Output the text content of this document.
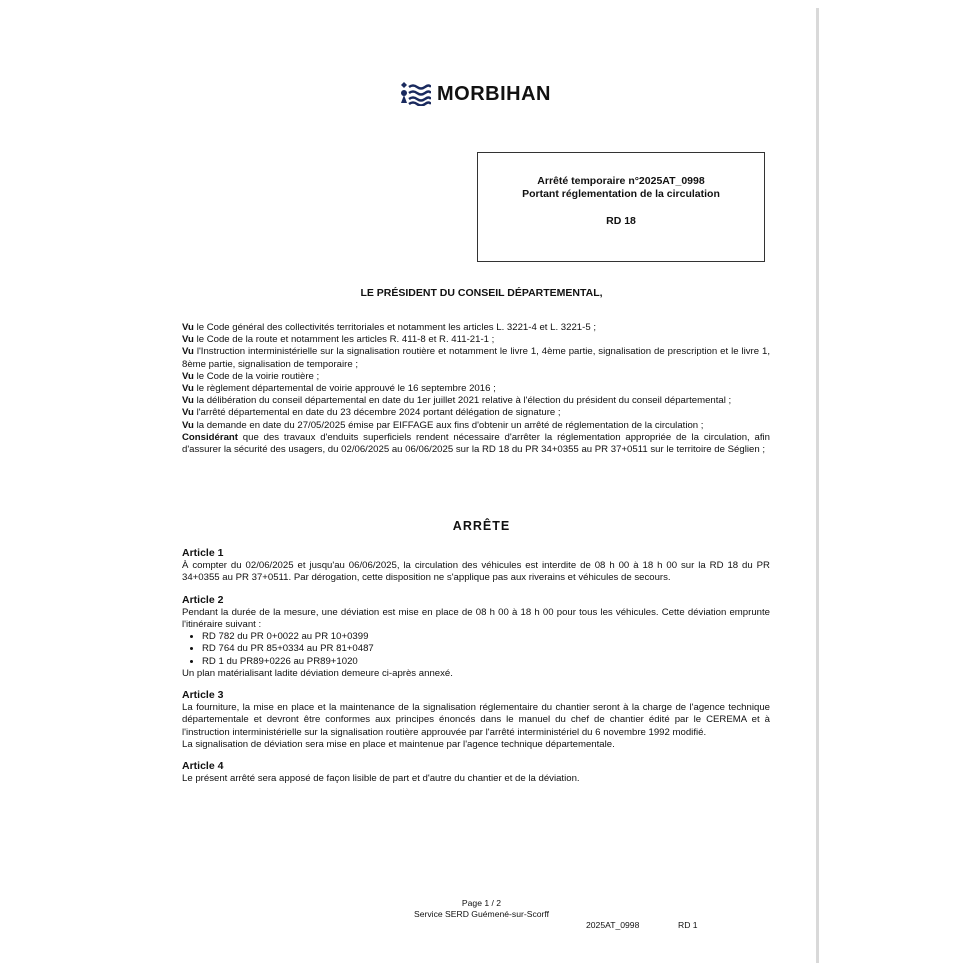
MORBIHAN
Arrêté temporaire n°2025AT_0998
Portant réglementation de la circulation
RD 18
LE PRÉSIDENT DU CONSEIL DÉPARTEMENTAL,

Vu le Code général des collectivités territoriales et notamment les articles L. 3221-4 et L. 3221-5 ;

Vu le Code de la route et notamment les articles R. 411-8 et R. 411-21-1 ;

Vu l'Instruction interministérielle sur la signalisation routière et notamment le livre 1, 4ème partie, signalisation de prescription et le livre 1, 8ème partie, signalisation de temporaire ;

Vu le Code de la voirie routière ;

Vu le règlement départemental de voirie approuvé le 16 septembre 2016 ;

Vu la délibération du conseil départemental en date du 1er juillet 2021 relative à l'élection du président du conseil départemental ;

Vu l'arrêté départemental en date du 23 décembre 2024 portant délégation de signature ;

Vu la demande en date du 27/05/2025 émise par EIFFAGE aux fins d'obtenir un arrêté de réglementation de la circulation ;

Considérant que des travaux d'enduits superficiels rendent nécessaire d'arrêter la réglementation appropriée de la circulation, afin d'assurer la sécurité des usagers, du 02/06/2025 au 06/06/2025 sur la RD 18 du PR 34+0355 au PR 37+0511 sur le territoire de Séglien ;

ARRÊTE
Article 1

À compter du 02/06/2025 et jusqu'au 06/06/2025, la circulation des véhicules est interdite de 08 h 00 à 18 h 00 sur la RD 18 du PR 34+0355 au PR 37+0511. Par dérogation, cette disposition ne s'applique pas aux riverains et véhicules de secours.

Article 2

Pendant la durée de la mesure, une déviation est mise en place de 08 h 00 à 18 h 00 pour tous les véhicules. Cette déviation emprunte l'itinéraire suivant :

• RD 782 du PR 0+0022 au PR 10+0399
• RD 764 du PR 85+0334 au PR 81+0487
• RD 1 du PR89+0226 au PR89+1020

Un plan matérialisant ladite déviation demeure ci-après annexé.

Article 3

La fourniture, la mise en place et la maintenance de la signalisation réglementaire du chantier seront à la charge de l'agence technique départementale et devront être conformes aux principes énoncés dans le manuel du chef de chantier édité par le CEREMA et à l'instruction interministérielle sur la signalisation routière approuvée par l'arrêté interministériel du 6 novembre 1992 modifié.

La signalisation de déviation sera mise en place et maintenue par l'agence technique départementale.

Article 4

Le présent arrêté sera apposé de façon lisible de part et d'autre du chantier et de la déviation.

Page 1 / 2
Service SERD Guémené-sur-Scorff
2025AT_0998	RD 1
